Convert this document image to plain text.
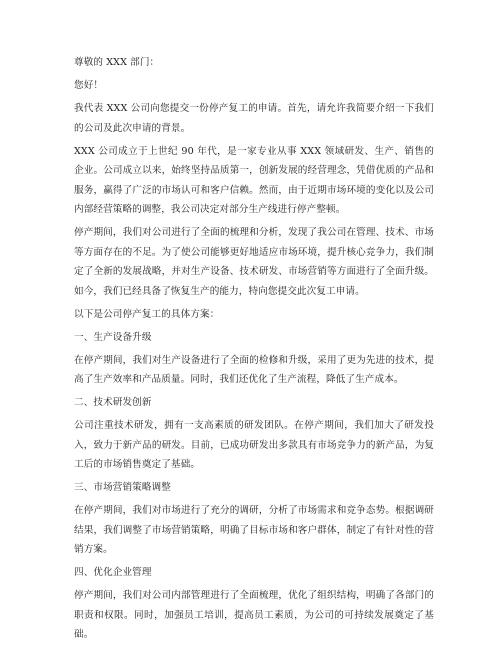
尊敬的 XXX 部门：

您好！

我代表 XXX 公司向您提交一份停产复工的申请。首先，请允许我简要介绍一下我们的公司及此次申请的背景。

XXX 公司成立于上世纪 90 年代，是一家专业从事 XXX 领域研发、生产、销售的企业。公司成立以来，始终坚持品质第一，创新发展的经营理念，凭借优质的产品和服务，赢得了广泛的市场认可和客户信赖。然而，由于近期市场环境的变化以及公司内部经营策略的调整，我公司决定对部分生产线进行停产整顿。

停产期间，我们对公司进行了全面的梳理和分析，发现了我公司在管理、技术、市场等方面存在的不足。为了使公司能够更好地适应市场环境，提升核心竞争力，我们制定了全新的发展战略，并对生产设备、技术研发、市场营销等方面进行了全面升级。如今，我们已经具备了恢复生产的能力，特向您提交此次复工申请。

以下是公司停产复工的具体方案：

一、生产设备升级

在停产期间，我们对生产设备进行了全面的检修和升级，采用了更为先进的技术，提高了生产效率和产品质量。同时，我们还优化了生产流程，降低了生产成本。

二、技术研发创新

公司注重技术研发，拥有一支高素质的研发团队。在停产期间，我们加大了研发投入，致力于新产品的研发。目前，已成功研发出多款具有市场竞争力的新产品，为复工后的市场销售奠定了基础。

三、市场营销策略调整

在停产期间，我们对市场进行了充分的调研，分析了市场需求和竞争态势。根据调研结果，我们调整了市场营销策略，明确了目标市场和客户群体，制定了有针对性的营销方案。

四、优化企业管理

停产期间，我们对公司内部管理进行了全面梳理，优化了组织结构，明确了各部门的职责和权限。同时，加强员工培训，提高员工素质，为公司的可持续发展奠定了基础。
